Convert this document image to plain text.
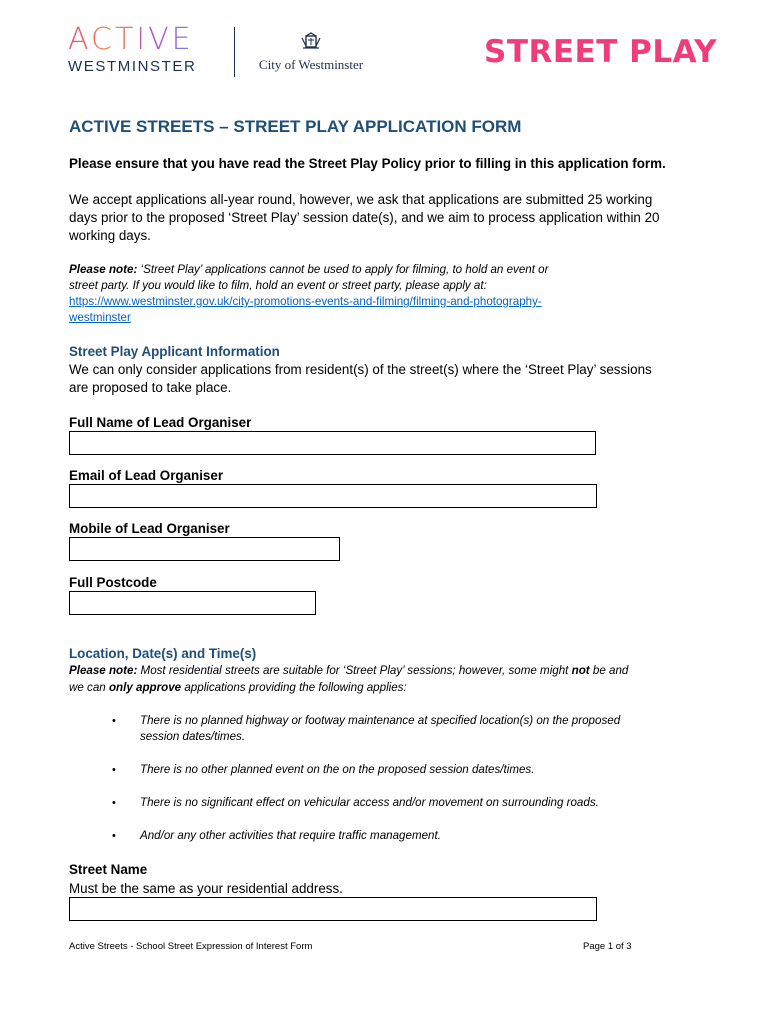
ACTIVE
WESTMINSTER	City of Westminster	STREET PLAY
ACTIVE STREETS – STREET PLAY APPLICATION FORM
Please ensure that you have read the Street Play Policy prior to filling in this application form.
We accept applications all-year round, however, we ask that applications are submitted 25 working
days prior to the proposed ‘Street Play’ session date(s), and we aim to process application within 20
working days.
Please note: ‘Street Play’ applications cannot be used to apply for filming, to hold an event or
street party. If you would like to film, hold an event or street party, please apply at:
https://www.westminster.gov.uk/city-promotions-events-and-filming/filming-and-photography-
westminster
Street Play Applicant Information
We can only consider applications from resident(s) of the street(s) where the ‘Street Play’ sessions
are proposed to take place.
Full Name of Lead Organiser
Email of Lead Organiser
Mobile of Lead Organiser
Full Postcode
Location, Date(s) and Time(s)
Please note: Most residential streets are suitable for ‘Street Play’ sessions; however, some might not be and
we can only approve applications providing the following applies:
• There is no planned highway or footway maintenance at specified location(s) on the proposed
session dates/times.
• There is no other planned event on the on the proposed session dates/times.
• There is no significant effect on vehicular access and/or movement on surrounding roads.
• And/or any other activities that require traffic management.
Street Name
Must be the same as your residential address.
Active Streets - School Street Expression of Interest Form	Page 1 of 3
